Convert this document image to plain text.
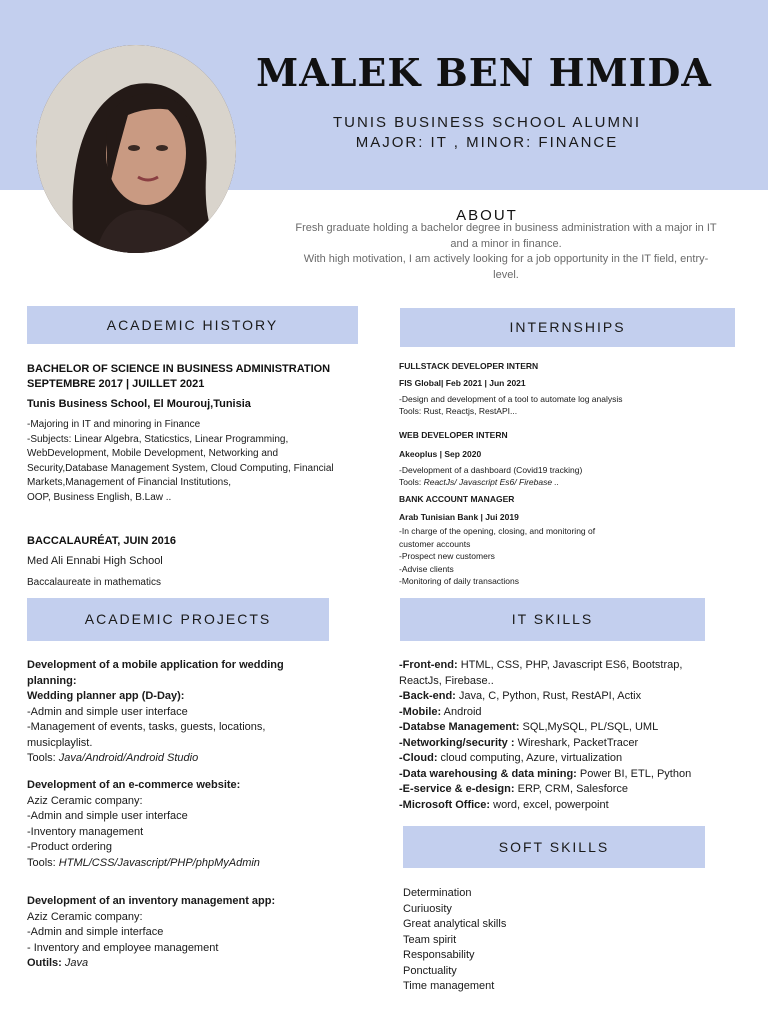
MALEK BEN HMIDA
TUNIS BUSINESS SCHOOL ALUMNI
MAJOR: IT , MINOR: FINANCE
ABOUT
Fresh graduate holding a bachelor degree in business administration with a major in IT
and a minor in finance.
With high motivation, I am actively looking for a job opportunity in the IT field, entry-
level.
ACADEMIC HISTORY	INTERNSHIPS
BACHELOR OF SCIENCE IN BUSINESS ADMINISTRATION
SEPTEMBRE 2017 | JUILLET 2021
Tunis Business School, El Mourouj,Tunisia
-Majoring in IT and minoring in Finance
-Subjects: Linear Algebra, Staticstics, Linear Programming,
WebDevelopment, Mobile Development, Networking and
Security,Database Management System, Cloud Computing, Financial
Markets,Management of Financial Institutions,
OOP, Business English, B.Law ..
BACCALAURÉAT, JUIN 2016
Med Ali Ennabi High School
Baccalaureate in mathematics
FULLSTACK DEVELOPER INTERN
FIS Global| Feb 2021 | Jun 2021
-Design and development of a tool to automate log analysis
Tools: Rust, Reactjs, RestAPI...
WEB DEVELOPER INTERN
Akeoplus | Sep 2020
-Development of a dashboard (Covid19 tracking)
Tools: ReactJs/ Javascript Es6/ Firebase ..
BANK ACCOUNT MANAGER
Arab Tunisian Bank | Jui 2019
-In charge of the opening, closing, and monitoring of
customer accounts
-Prospect new customers
-Advise clients
-Monitoring of daily transactions
ACADEMIC PROJECTS	IT SKILLS
Development of a mobile application for wedding
planning:
Wedding planner app (D-Day):
-Admin and simple user interface
-Management of events, tasks, guests, locations,
musicplaylist.
Tools: Java/Android/Android Studio
Development of an e-commerce website:
Aziz Ceramic company:
-Admin and simple user interface
-Inventory management
-Product ordering
Tools: HTML/CSS/Javascript/PHP/phpMyAdmin
Development of an inventory management app:
Aziz Ceramic company:
-Admin and simple interface
- Inventory and employee management
Outils: Java
-Front-end: HTML, CSS, PHP, Javascript ES6, Bootstrap,
ReactJs, Firebase..
-Back-end: Java, C, Python, Rust, RestAPI, Actix
-Mobile: Android
-Databse Management: SQL,MySQL, PL/SQL, UML
-Networking/security : Wireshark, PacketTracer
-Cloud: cloud computing, Azure, virtualization
-Data warehousing & data mining: Power BI, ETL, Python
-E-service & e-design: ERP, CRM, Salesforce
-Microsoft Office: word, excel, powerpoint
SOFT SKILLS
Determination
Curiuosity
Great analytical skills
Team spirit
Responsability
Ponctuality
Time management
